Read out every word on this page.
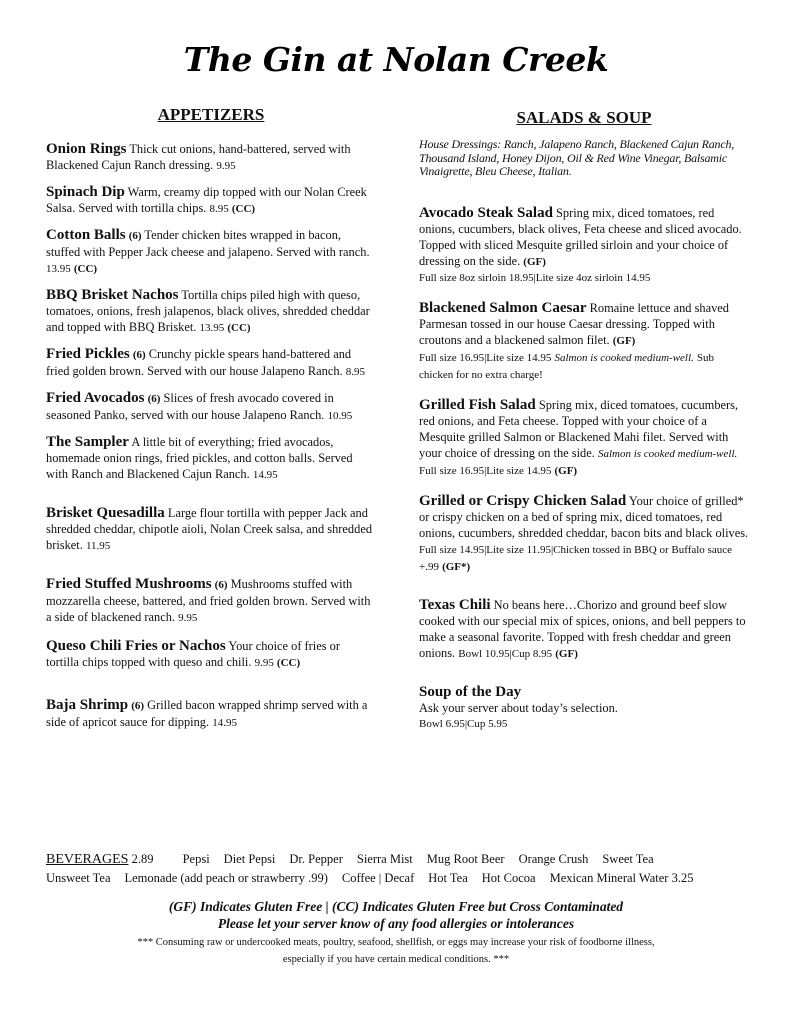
The Gin at Nolan Creek
APPETIZERS
Onion Rings Thick cut onions, hand-battered, served with Blackened Cajun Ranch dressing. 9.95
Spinach Dip Warm, creamy dip topped with our Nolan Creek Salsa. Served with tortilla chips. 8.95 (CC)
Cotton Balls (6) Tender chicken bites wrapped in bacon, stuffed with Pepper Jack cheese and jalapeno. Served with ranch. 13.95 (CC)
BBQ Brisket Nachos Tortilla chips piled high with queso, tomatoes, onions, fresh jalapenos, black olives, shredded cheddar and topped with BBQ Brisket. 13.95 (CC)
Fried Pickles (6) Crunchy pickle spears hand-battered and fried golden brown. Served with our house Jalapeno Ranch. 8.95
Fried Avocados (6) Slices of fresh avocado covered in seasoned Panko, served with our house Jalapeno Ranch. 10.95
The Sampler A little bit of everything; fried avocados, homemade onion rings, fried pickles, and cotton balls. Served with Ranch and Blackened Cajun Ranch. 14.95
Brisket Quesadilla Large flour tortilla with pepper Jack and shredded cheddar, chipotle aioli, Nolan Creek salsa, and shredded brisket. 11.95
Fried Stuffed Mushrooms (6) Mushrooms stuffed with mozzarella cheese, battered, and fried golden brown. Served with a side of blackened ranch. 9.95
Queso Chili Fries or Nachos Your choice of fries or tortilla chips topped with queso and chili. 9.95 (CC)
Baja Shrimp (6) Grilled bacon wrapped shrimp served with a side of apricot sauce for dipping. 14.95
SALADS & SOUP
House Dressings: Ranch, Jalapeno Ranch, Blackened Cajun Ranch, Thousand Island, Honey Dijon, Oil & Red Wine Vinegar, Balsamic Vinaigrette, Bleu Cheese, Italian.
Avocado Steak Salad Spring mix, diced tomatoes, red onions, cucumbers, black olives, Feta cheese and sliced avocado. Topped with sliced Mesquite grilled sirloin and your choice of dressing on the side. (GF)
Full size 8oz sirloin 18.95|Lite size 4oz sirloin 14.95
Blackened Salmon Caesar Romaine lettuce and shaved Parmesan tossed in our house Caesar dressing. Topped with croutons and a blackened salmon filet. (GF)
Full size 16.95|Lite size 14.95 Salmon is cooked medium-well. Sub chicken for no extra charge!
Grilled Fish Salad Spring mix, diced tomatoes, cucumbers, red onions, and Feta cheese. Topped with your choice of a Mesquite grilled Salmon or Blackened Mahi filet. Served with your choice of dressing on the side. Salmon is cooked medium-well. Full size 16.95|Lite size 14.95 (GF)
Grilled or Crispy Chicken Salad Your choice of grilled* or crispy chicken on a bed of spring mix, diced tomatoes, red onions, cucumbers, shredded cheddar, bacon bits and black olives. Full size 14.95|Lite size 11.95|Chicken tossed in BBQ or Buffalo sauce +.99 (GF*)
Texas Chili No beans here…Chorizo and ground beef slow cooked with our special mix of spices, onions, and bell peppers to make a seasonal favorite. Topped with fresh cheddar and green onions. Bowl 10.95|Cup 8.95 (GF)
Soup of the Day
Ask your server about today’s selection.
Bowl 6.95|Cup 5.95
BEVERAGES 2.89 Pepsi Diet Pepsi Dr. Pepper Sierra Mist Mug Root Beer Orange Crush Sweet Tea
Unsweet Tea Lemonade (add peach or strawberry .99) Coffee | Decaf Hot Tea Hot Cocoa Mexican Mineral Water 3.25
(GF) Indicates Gluten Free | (CC) Indicates Gluten Free but Cross Contaminated
Please let your server know of any food allergies or intolerances
*** Consuming raw or undercooked meats, poultry, seafood, shellfish, or eggs may increase your risk of foodborne illness,
especially if you have certain medical conditions. ***
